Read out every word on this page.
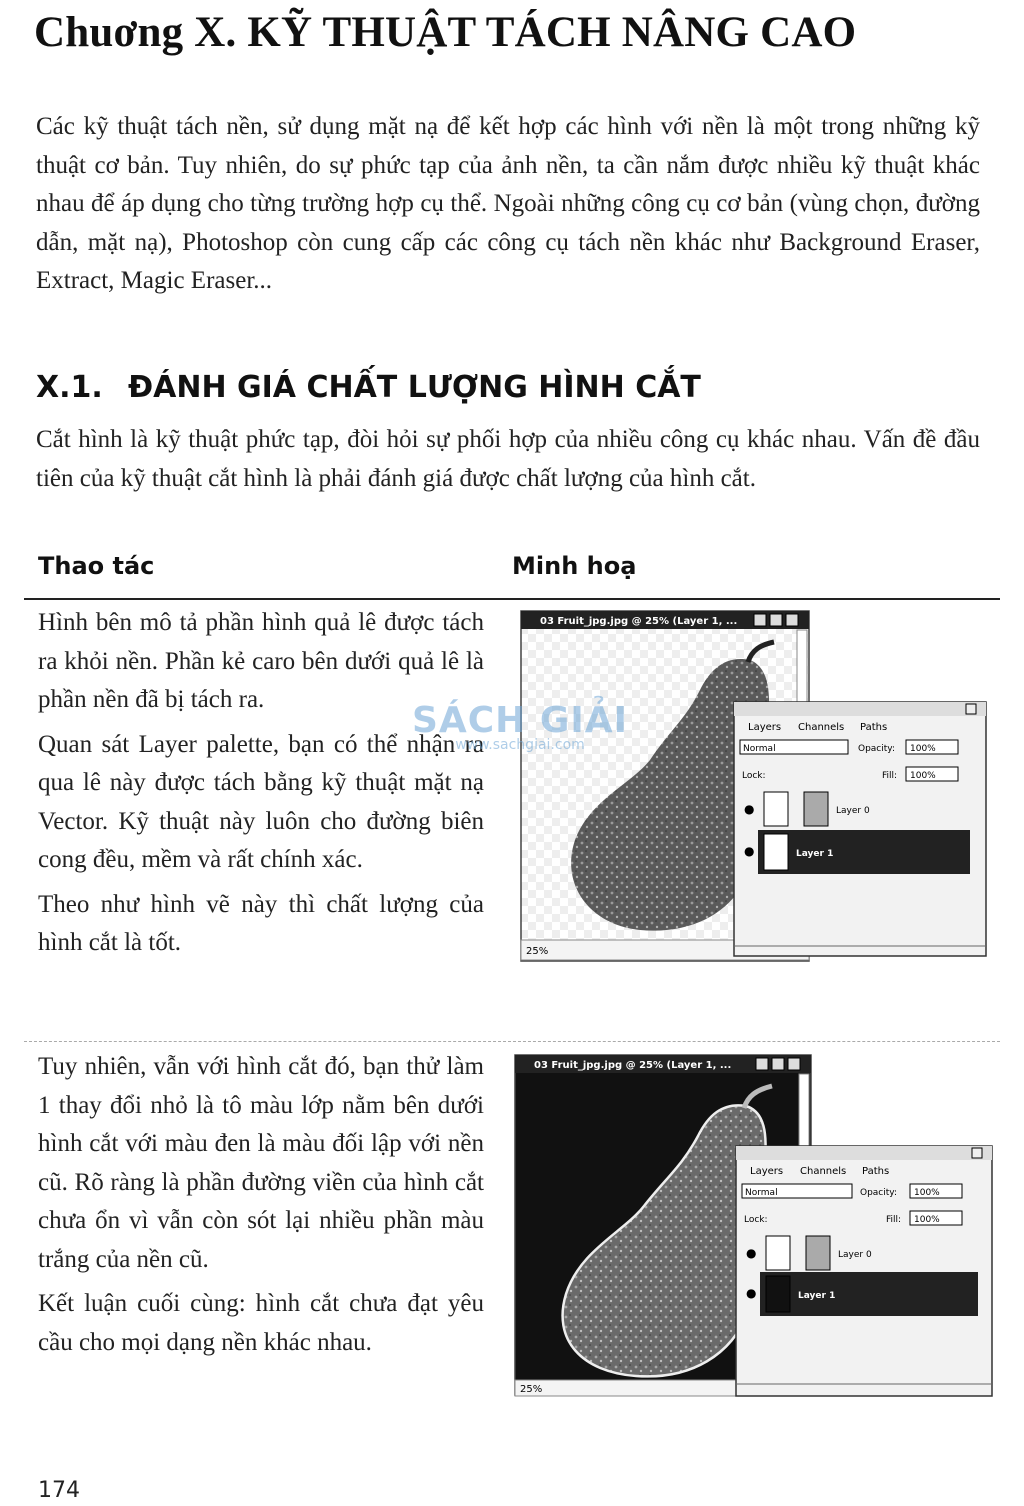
Chuơng X. KỸ THUẬT TÁCH NÂNG CAO
Các kỹ thuật tách nền, sử dụng mặt nạ để kết hợp các hình với nền là một trong những kỹ thuật cơ bản. Tuy nhiên, do sự phức tạp của ảnh nền, ta cần nắm được nhiều kỹ thuật khác nhau để áp dụng cho từng trường hợp cụ thể. Ngoài những công cụ cơ bản (vùng chọn, đường dẫn, mặt nạ), Photoshop còn cung cấp các công cụ tách nền khác như Background Eraser, Extract, Magic Eraser...
X.1. ĐÁNH GIÁ CHẤT LƯỢNG HÌNH CẮT
Cắt hình là kỹ thuật phức tạp, đòi hỏi sự phối hợp của nhiều công cụ khác nhau. Vấn đề đầu tiên của kỹ thuật cắt hình là phải đánh giá được chất lượng của hình cắt.
Thao tác	Minh hoạ

Hình bên mô tả phần hình quả lê được tách ra khỏi nền. Phần kẻ caro bên dưới quả lê là phần nền đã bị tách ra.

Quan sát Layer palette, bạn có thể nhận ra qua lê này được tách bằng kỹ thuật mặt nạ Vector. Kỹ thuật này luôn cho đường biên cong đều, mềm và rất chính xác.

Theo như hình vẽ này thì chất lượng của hình cắt là tốt.

Tuy nhiên, vẫn với hình cắt đó, bạn thử làm 1 thay đổi nhỏ là tô màu lớp nằm bên dưới hình cắt với màu đen là màu đối lập với nền cũ. Rõ ràng là phần đường viền của hình cắt chưa ổn vì vẫn còn sót lại nhiều phần màu trắng của nền cũ.

Kết luận cuối cùng: hình cắt chưa đạt yêu cầu cho mọi dạng nền khác nhau.

03 Fruit_jpg.jpg @ 25% (Layer 1, ...
25%
Layers Channels Paths
Normal	Opacity: 100%
Lock:	Fill: 100%
●	Layer 0
●	Layer 1
SÁCH GIẢI
www.sachgiai.com
03 Fruit_jpg.jpg @ 25% (Layer 1, ...
25%
Layers Channels Paths
Normal	Opacity: 100%
Lock:	Fill: 100%
●	Layer 0
●	Layer 1
174
